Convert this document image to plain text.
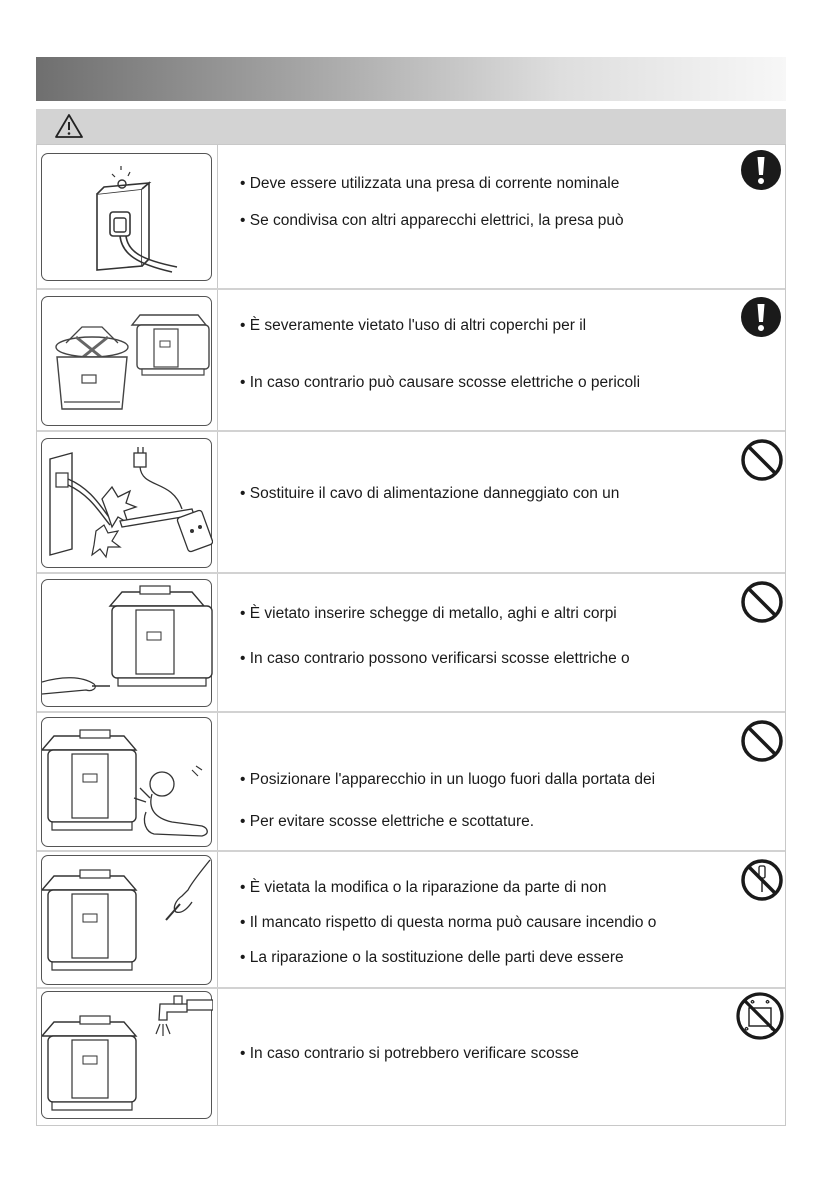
• Deve essere utilizzata una presa di corrente nominale
• Se condivisa con altri apparecchi elettrici, la presa può
• È severamente vietato l'uso di altri coperchi per il
• In caso contrario può causare scosse elettriche o pericoli
• Sostituire il cavo di alimentazione danneggiato con un
• È vietato inserire schegge di metallo, aghi e altri corpi
• In caso contrario possono verificarsi scosse elettriche o
• Posizionare l'apparecchio in un luogo fuori dalla portata dei
• Per evitare scosse elettriche e scottature.
• È vietata la modifica o la riparazione da parte di non
• Il mancato rispetto di questa norma può causare incendio o
• La riparazione o la sostituzione delle parti deve essere
• In caso contrario si potrebbero verificare scosse
